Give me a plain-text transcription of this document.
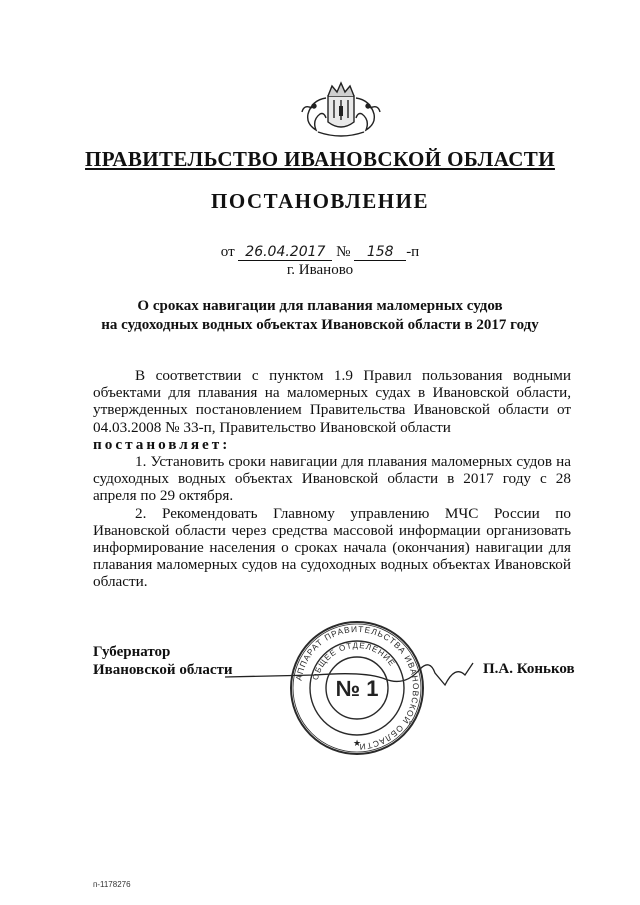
ПРАВИТЕЛЬСТВО ИВАНОВСКОЙ ОБЛАСТИ
ПОСТАНОВЛЕНИЕ
от 26.04.2017 № 158 -п
г. Иваново
О сроках навигации для плавания маломерных судов
на судоходных водных объектах Ивановской области в 2017 году

В соответствии с пунктом 1.9 Правил пользования водными объектами для плавания на маломерных судах в Ивановской области, утвержденных постановлением Правительства Ивановской области от 04.03.2008 № 33-п, Правительство Ивановской области

постановляет:

1. Установить сроки навигации для плавания маломерных судов на судоходных водных объектах Ивановской области в 2017 году с 28 апреля по 29 октября.

2. Рекомендовать Главному управлению МЧС России по Ивановской области через средства массовой информации организовать информирование населения о сроках начала (окончания) навигации для плавания маломерных судов на судоходных водных объектах Ивановской области.

Губернатор
Ивановской области	АППАРАТ ПРАВИТЕЛЬСТВА ИВАНОВСКОЙ ОБЛАСТИ
ОБЩЕЕ ОТДЕЛЕНИЕ
№ 1
★
П.А. Коньков
п-1178276
